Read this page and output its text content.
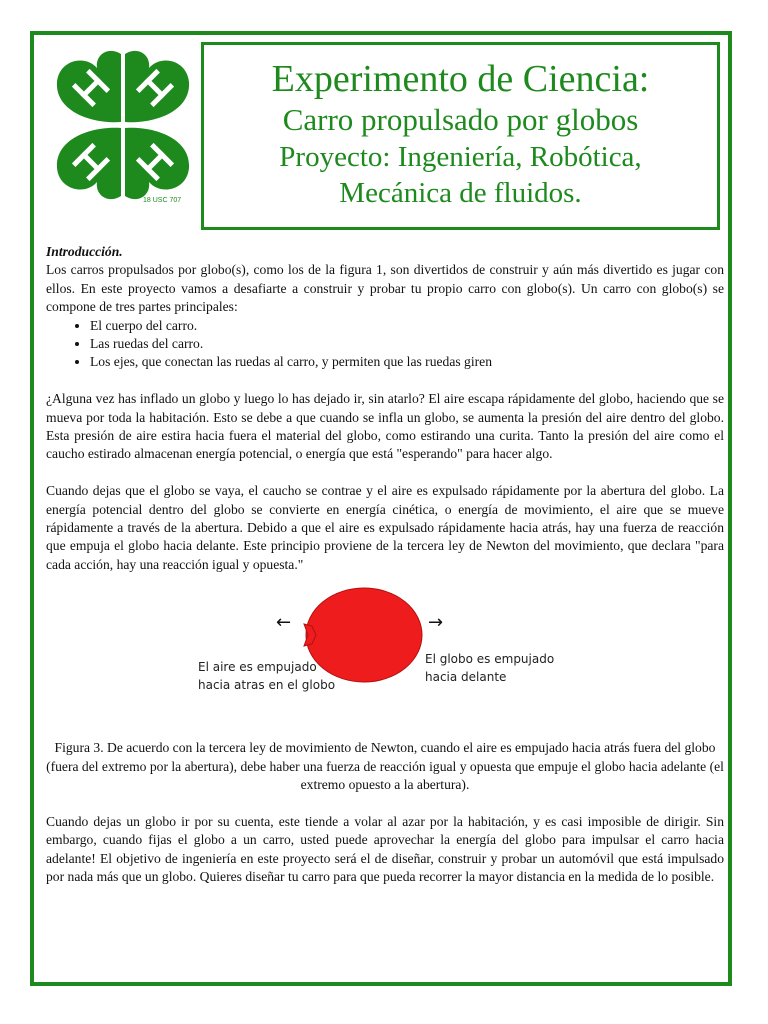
18 USC 707
Experimento de Ciencia:
Carro propulsado por globos
Proyecto: Ingeniería, Robótica,
Mecánica de fluidos.

Introducción.

Los carros propulsados por globo(s), como los de la figura 1, son divertidos de construir y aún más divertido es jugar con ellos. En este proyecto vamos a desafiarte a construir y probar tu propio carro con globo(s). Un carro con globo(s) se compone de tres partes principales:

• El cuerpo del carro.
• Las ruedas del carro.
• Los ejes, que conectan las ruedas al carro, y permiten que las ruedas giren

¿Alguna vez has inflado un globo y luego lo has dejado ir, sin atarlo? El aire escapa rápidamente del globo, haciendo que se mueva por toda la habitación. Esto se debe a que cuando se infla un globo, se aumenta la presión del aire dentro del globo. Esta presión de aire estira hacia fuera el material del globo, como estirando una curita. Tanto la presión del aire como el caucho estirado almacenan energía potencial, o energía que está "esperando" para hacer algo.

Cuando dejas que el globo se vaya, el caucho se contrae y el aire es expulsado rápidamente por la abertura del globo. La energía potencial dentro del globo se convierte en energía cinética, o energía de movimiento, el aire que se mueve rápidamente a través de la abertura. Debido a que el aire es expulsado rápidamente hacia atrás, hay una fuerza de reacción que empuja el globo hacia delante. Este principio proviene de la tercera ley de Newton del movimiento, que declara "para cada acción, hay una reacción igual y opuesta."

←	→
El aire es empujado
hacia atras en el globo
El globo es empujado
hacia delante

Figura 3. De acuerdo con la tercera ley de movimiento de Newton, cuando el aire es empujado hacia atrás fuera del globo (fuera del extremo por la abertura), debe haber una fuerza de reacción igual y opuesta que empuje el globo hacia adelante (el extremo opuesto a la abertura).

Cuando dejas un globo ir por su cuenta, este tiende a volar al azar por la habitación, y es casi imposible de dirigir. Sin embargo, cuando fijas el globo a un carro, usted puede aprovechar la energía del globo para impulsar el carro hacia adelante! El objetivo de ingeniería en este proyecto será el de diseñar, construir y probar un automóvil que está impulsado por nada más que un globo. Quieres diseñar tu carro para que pueda recorrer la mayor distancia en la medida de lo posible.
